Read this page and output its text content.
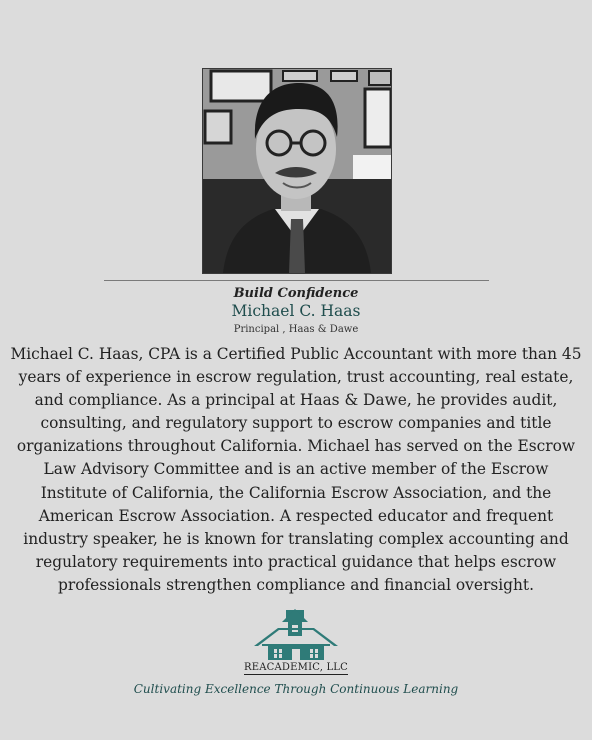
Build Confidence
Michael C. Haas
Principal , Haas & Dawe
Michael C. Haas, CPA is a Certified Public Accountant with more than 45 years of experience in escrow regulation, trust accounting, real estate, and compliance. As a principal at Haas & Dawe, he provides audit, consulting, and regulatory support to escrow companies and title organizations throughout California. Michael has served on the Escrow Law Advisory Committee and is an active member of the Escrow Institute of California, the California Escrow Association, and the American Escrow Association. A respected educator and frequent industry speaker, he is known for translating complex accounting and regulatory requirements into practical guidance that helps escrow professionals strengthen compliance and financial oversight.
REACADEMIC, LLC
Cultivating Excellence Through Continuous Learning
